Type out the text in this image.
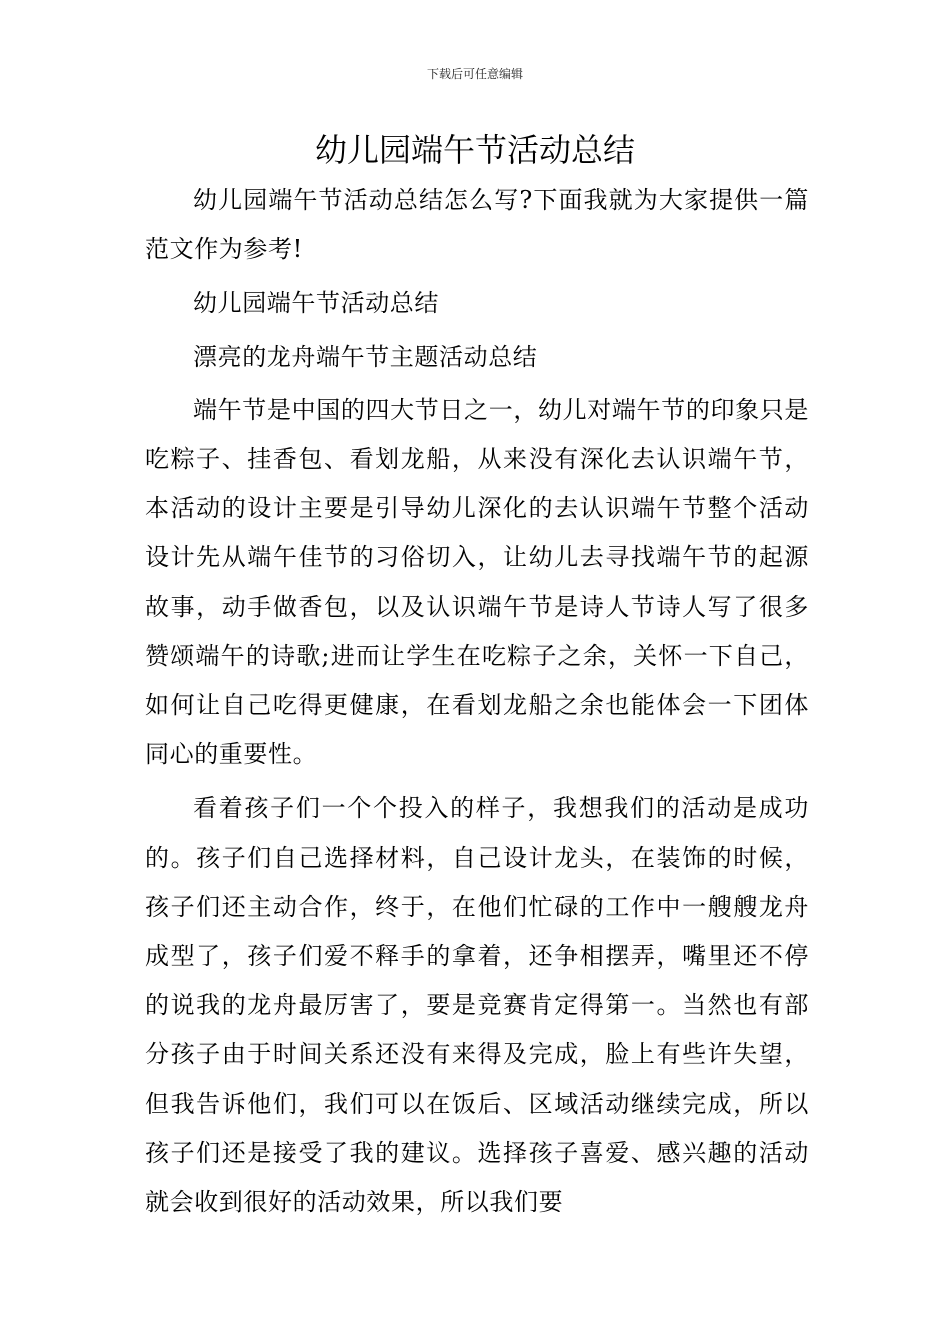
下载后可任意编辑
幼儿园端午节活动总结

幼儿园端午节活动总结怎么写?下面我就为大家提供一篇范文作为参考!

幼儿园端午节活动总结

漂亮的龙舟端午节主题活动总结

端午节是中国的四大节日之一，幼儿对端午节的印象只是吃粽子、挂香包、看划龙船，从来没有深化去认识端午节，本活动的设计主要是引导幼儿深化的去认识端午节整个活动设计先从端午佳节的习俗切入，让幼儿去寻找端午节的起源故事，动手做香包，以及认识端午节是诗人节诗人写了很多赞颂端午的诗歌;进而让学生在吃粽子之余，关怀一下自己，如何让自己吃得更健康，在看划龙船之余也能体会一下团体同心的重要性。

看着孩子们一个个投入的样子，我想我们的活动是成功的。孩子们自己选择材料，自己设计龙头，在装饰的时候，孩子们还主动合作，终于，在他们忙碌的工作中一艘艘龙舟成型了，孩子们爱不释手的拿着，还争相摆弄，嘴里还不停的说我的龙舟最厉害了，要是竞赛肯定得第一。当然也有部分孩子由于时间关系还没有来得及完成，脸上有些许失望，但我告诉他们，我们可以在饭后、区域活动继续完成，所以孩子们还是接受了我的建议。选择孩子喜爱、感兴趣的活动就会收到很好的活动效果，所以我们要
